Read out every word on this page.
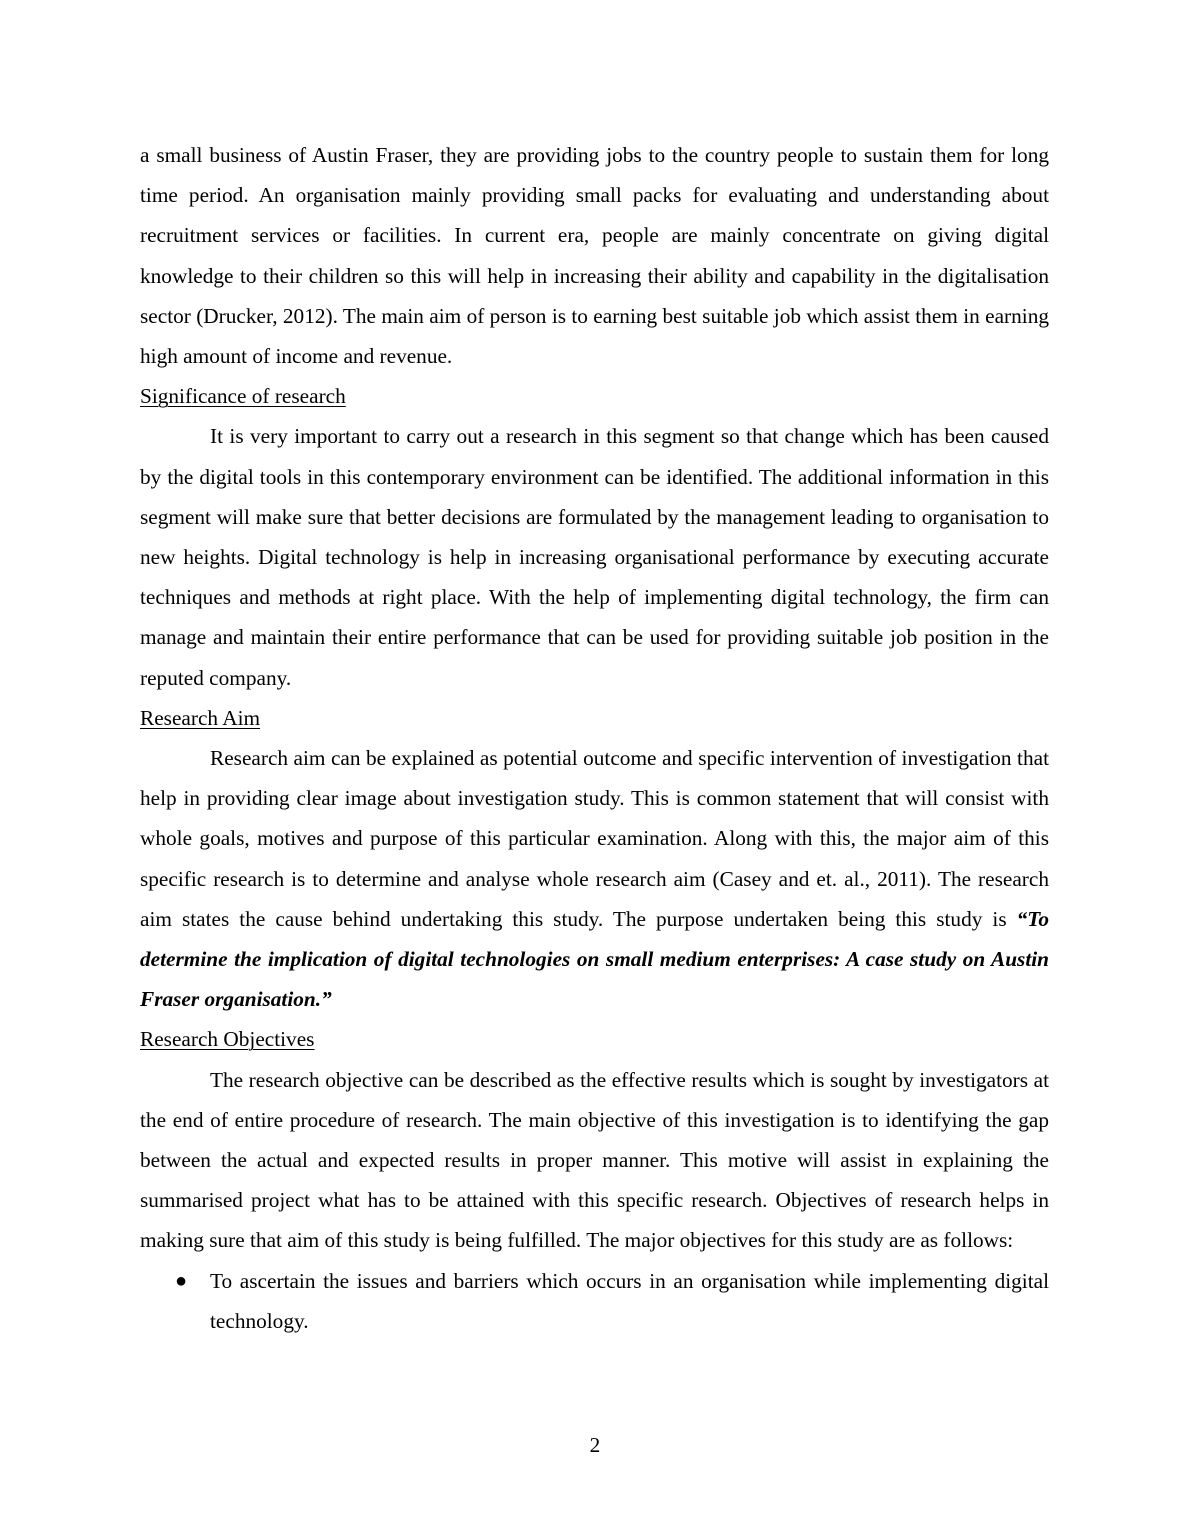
a small business of Austin Fraser, they are providing jobs to the country people to sustain them for long time period. An organisation mainly providing small packs for evaluating and understanding about recruitment services or facilities. In current era, people are mainly concentrate on giving digital knowledge to their children so this will help in increasing their ability and capability in the digitalisation sector (Drucker, 2012). The main aim of person is to earning best suitable job which assist them in earning high amount of income and revenue.

Significance of research

It is very important to carry out a research in this segment so that change which has been caused by the digital tools in this contemporary environment can be identified. The additional information in this segment will make sure that better decisions are formulated by the management leading to organisation to new heights. Digital technology is help in increasing organisational performance by executing accurate techniques and methods at right place. With the help of implementing digital technology, the firm can manage and maintain their entire performance that can be used for providing suitable job position in the reputed company.

Research Aim

Research aim can be explained as potential outcome and specific intervention of investigation that help in providing clear image about investigation study. This is common statement that will consist with whole goals, motives and purpose of this particular examination. Along with this, the major aim of this specific research is to determine and analyse whole research aim (Casey and et. al., 2011). The research aim states the cause behind undertaking this study. The purpose undertaken being this study is “To determine the implication of digital technologies on small medium enterprises: A case study on Austin Fraser organisation.”

Research Objectives

The research objective can be described as the effective results which is sought by investigators at the end of entire procedure of research. The main objective of this investigation is to identifying the gap between the actual and expected results in proper manner. This motive will assist in explaining the summarised project what has to be attained with this specific research. Objectives of research helps in making sure that aim of this study is being fulfilled. The major objectives for this study are as follows:

● To ascertain the issues and barriers which occurs in an organisation while implementing digital technology.
2
